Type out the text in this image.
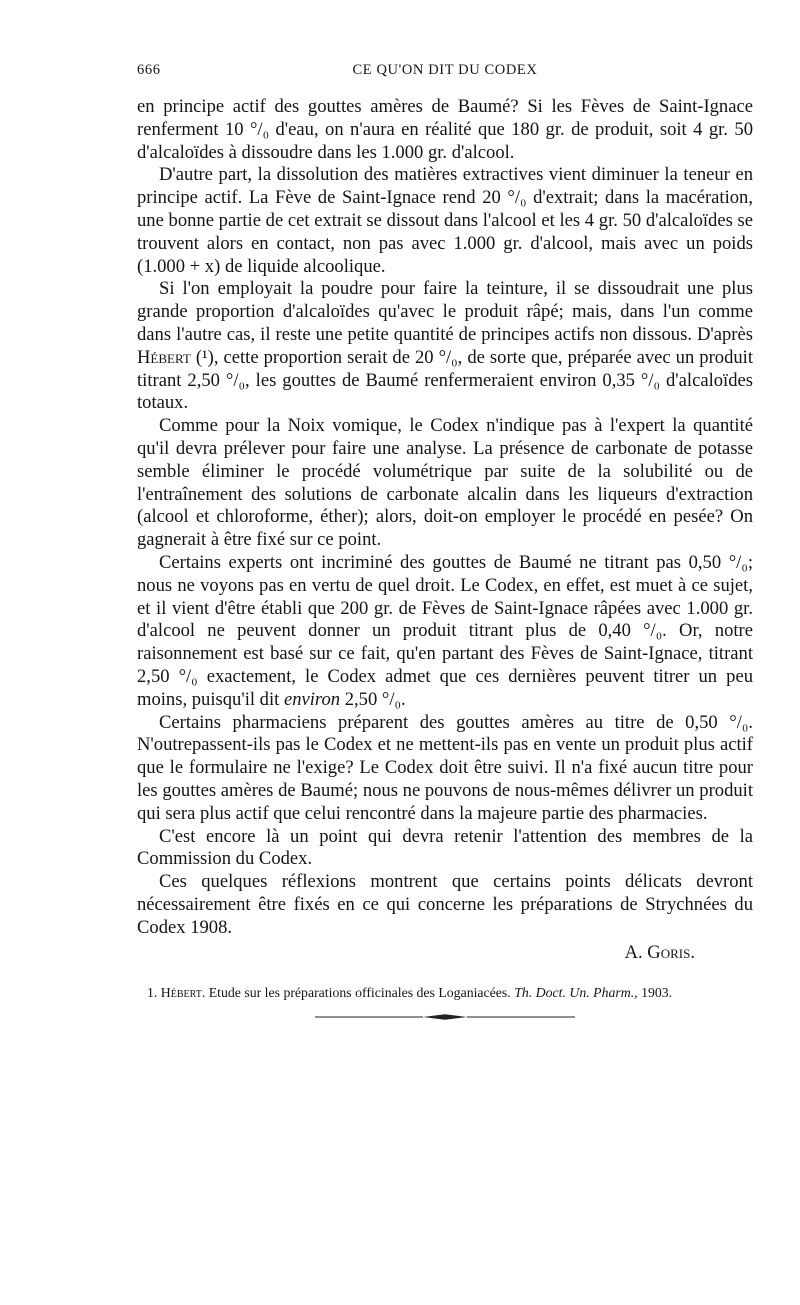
666	CE QU'ON DIT DU CODEX

en principe actif des gouttes amères de Baumé? Si les Fèves de Saint-Ignace renferment 10 °/₀ d'eau, on n'aura en réalité que 180 gr. de produit, soit 4 gr. 50 d'alcaloïdes à dissoudre dans les 1.000 gr. d'alcool.

D'autre part, la dissolution des matières extractives vient diminuer la teneur en principe actif. La Fève de Saint-Ignace rend 20 °/₀ d'extrait; dans la macération, une bonne partie de cet extrait se dissout dans l'alcool et les 4 gr. 50 d'alcaloïdes se trouvent alors en contact, non pas avec 1.000 gr. d'alcool, mais avec un poids (1.000 + x) de liquide alcoolique.

Si l'on employait la poudre pour faire la teinture, il se dissoudrait une plus grande proportion d'alcaloïdes qu'avec le produit râpé; mais, dans l'un comme dans l'autre cas, il reste une petite quantité de principes actifs non dissous. D'après Hébert (¹), cette proportion serait de 20 °/₀, de sorte que, préparée avec un produit titrant 2,50 °/₀, les gouttes de Baumé renfermeraient environ 0,35 °/₀ d'alcaloïdes totaux.

Comme pour la Noix vomique, le Codex n'indique pas à l'expert la quantité qu'il devra prélever pour faire une analyse. La présence de carbonate de potasse semble éliminer le procédé volumétrique par suite de la solubilité ou de l'entraînement des solutions de carbonate alcalin dans les liqueurs d'extraction (alcool et chloroforme, éther); alors, doit-on employer le procédé en pesée? On gagnerait à être fixé sur ce point.

Certains experts ont incriminé des gouttes de Baumé ne titrant pas 0,50 °/₀; nous ne voyons pas en vertu de quel droit. Le Codex, en effet, est muet à ce sujet, et il vient d'être établi que 200 gr. de Fèves de Saint-Ignace râpées avec 1.000 gr. d'alcool ne peuvent donner un produit titrant plus de 0,40 °/₀. Or, notre raisonnement est basé sur ce fait, qu'en partant des Fèves de Saint-Ignace, titrant 2,50 °/₀ exactement, le Codex admet que ces dernières peuvent titrer un peu moins, puisqu'il dit environ 2,50 °/₀.

Certains pharmaciens préparent des gouttes amères au titre de 0,50 °/₀. N'outrepassent-ils pas le Codex et ne mettent-ils pas en vente un produit plus actif que le formulaire ne l'exige? Le Codex doit être suivi. Il n'a fixé aucun titre pour les gouttes amères de Baumé; nous ne pouvons de nous-mêmes délivrer un produit qui sera plus actif que celui rencontré dans la majeure partie des pharmacies.

C'est encore là un point qui devra retenir l'attention des membres de la Commission du Codex.

Ces quelques réflexions montrent que certains points délicats devront nécessairement être fixés en ce qui concerne les préparations de Strychnées du Codex 1908.

A. Goris.
1. Hébert. Etude sur les préparations officinales des Loganiacées. Th. Doct. Un. Pharm., 1903.
